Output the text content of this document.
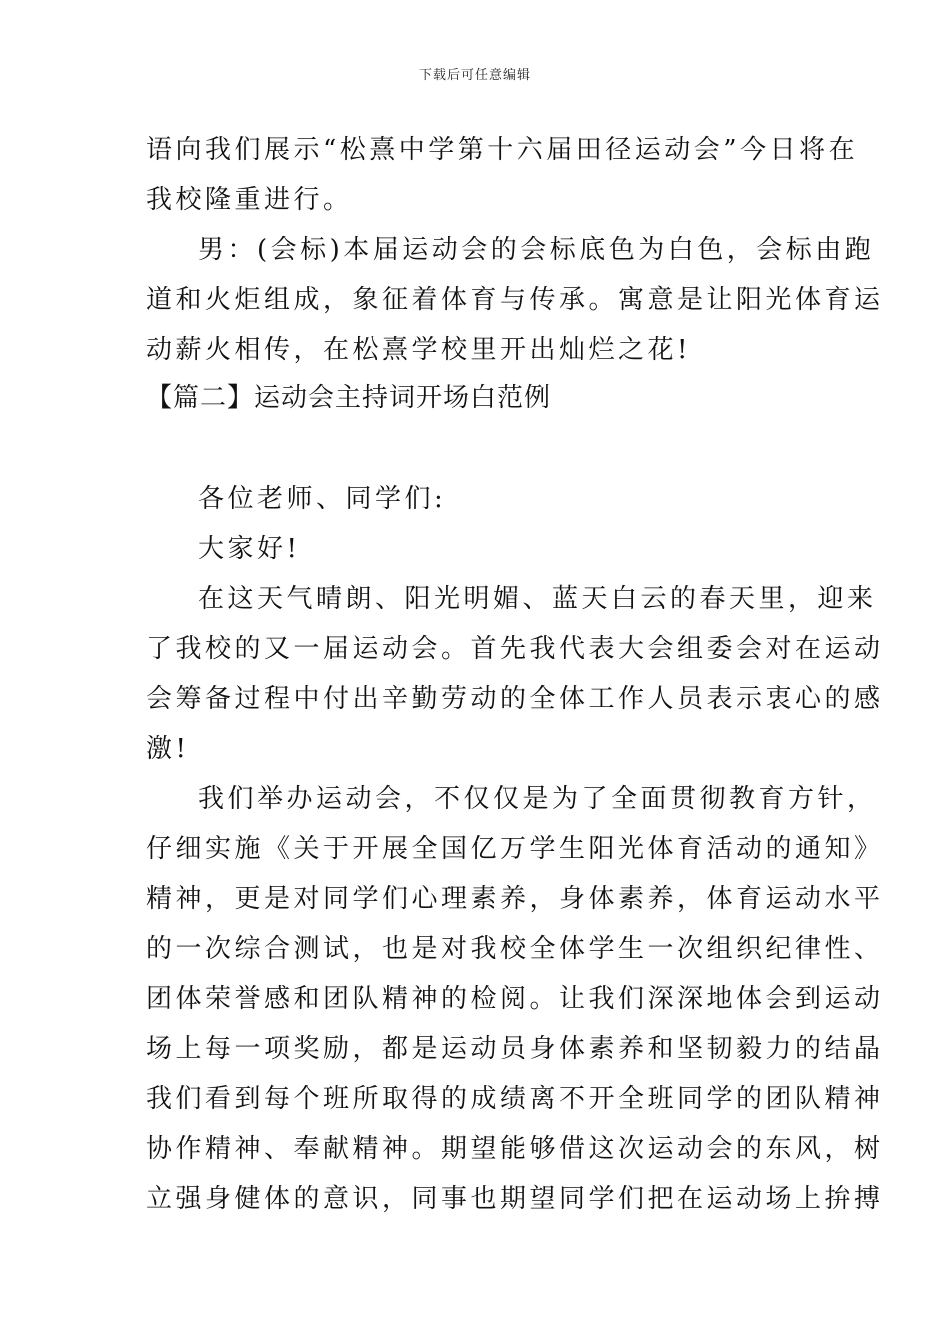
下载后可任意编辑
语向我们展示“松熹中学第十六届田径运动会”今日将在
我校隆重进行。
男：(会标)本届运动会的会标底色为白色，会标由跑
道和火炬组成，象征着体育与传承。寓意是让阳光体育运
动薪火相传，在松熹学校里开出灿烂之花!
【篇二】运动会主持词开场白范例
各位老师、同学们:
大家好!
在这天气晴朗、阳光明媚、蓝天白云的春天里，迎来
了我校的又一届运动会。首先我代表大会组委会对在运动
会筹备过程中付出辛勤劳动的全体工作人员表示衷心的感
激!
我们举办运动会，不仅仅是为了全面贯彻教育方针，
仔细实施《关于开展全国亿万学生阳光体育活动的通知》
精神，更是对同学们心理素养，身体素养，体育运动水平
的一次综合测试，也是对我校全体学生一次组织纪律性、
团体荣誉感和团队精神的检阅。让我们深深地体会到运动
场上每一项奖励，都是运动员身体素养和坚韧毅力的结晶
我们看到每个班所取得的成绩离不开全班同学的团队精神
协作精神、奉献精神。期望能够借这次运动会的东风，树
立强身健体的意识，同事也期望同学们把在运动场上拚搏
